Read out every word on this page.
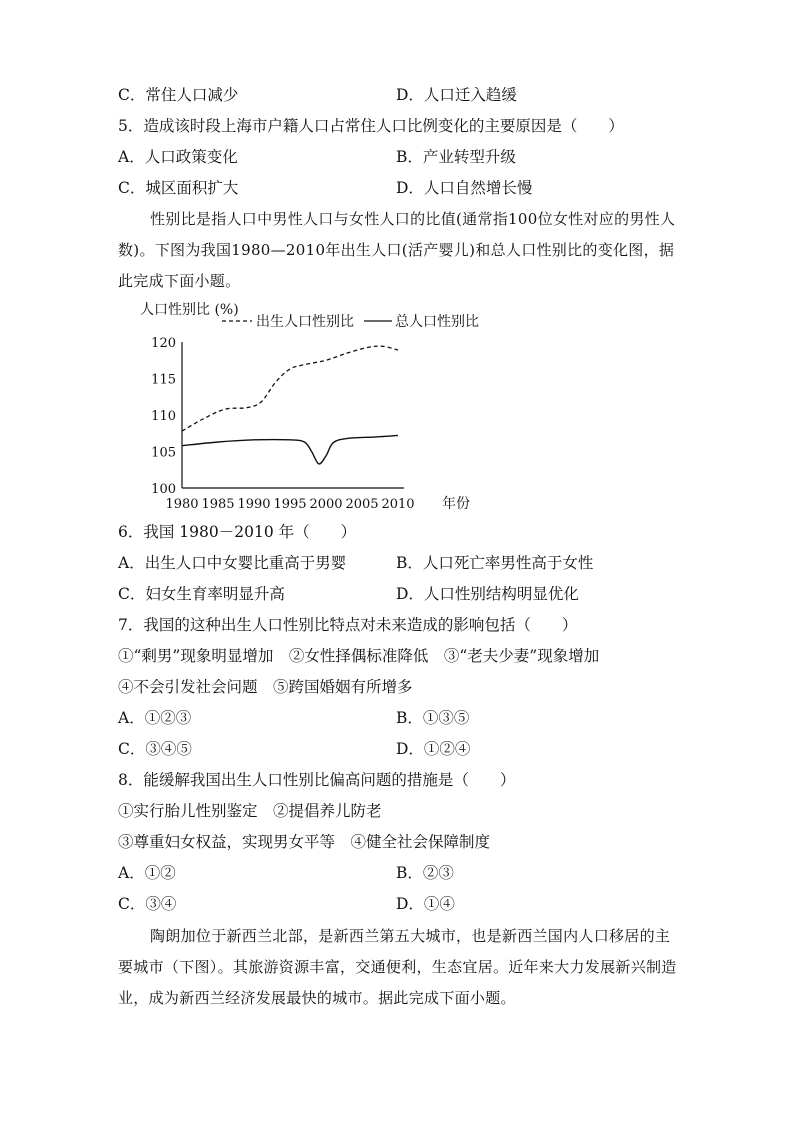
C．常住人口减少	D．人口迁入趋缓
5．造成该时段上海市户籍人口占常住人口比例变化的主要原因是（　　）
A．人口政策变化	B．产业转型升级
C．城区面积扩大	D．人口自然增长慢
性别比是指人口中男性人口与女性人口的比值(通常指100位女性对应的男性人数)。下图为我国1980—2010年出生人口(活产婴儿)和总人口性别比的变化图，据此完成下面小题。
人口性别比 (%)
出生人口性别比	总人口性别比
1980 1985 1990 1995 2000 2005 2010
100
105
110
115
120
年份
6．我国 1980－2010 年（　　）
A．出生人口中女婴比重高于男婴	B．人口死亡率男性高于女性
C．妇女生育率明显升高	D．人口性别结构明显优化
7．我国的这种出生人口性别比特点对未来造成的影响包括（　　）
①“剩男”现象明显增加　②女性择偶标准降低　③“老夫少妻”现象增加
④不会引发社会问题　⑤跨国婚姻有所增多
A．①②③	B．①③⑤
C．③④⑤	D．①②④
8．能缓解我国出生人口性别比偏高问题的措施是（　　）
①实行胎儿性别鉴定　②提倡养儿防老
③尊重妇女权益，实现男女平等　④健全社会保障制度
A．①②	B．②③
C．③④	D．①④
陶朗加位于新西兰北部，是新西兰第五大城市，也是新西兰国内人口移居的主要城市（下图）。其旅游资源丰富，交通便利，生态宜居。近年来大力发展新兴制造业，成为新西兰经济发展最快的城市。据此完成下面小题。
